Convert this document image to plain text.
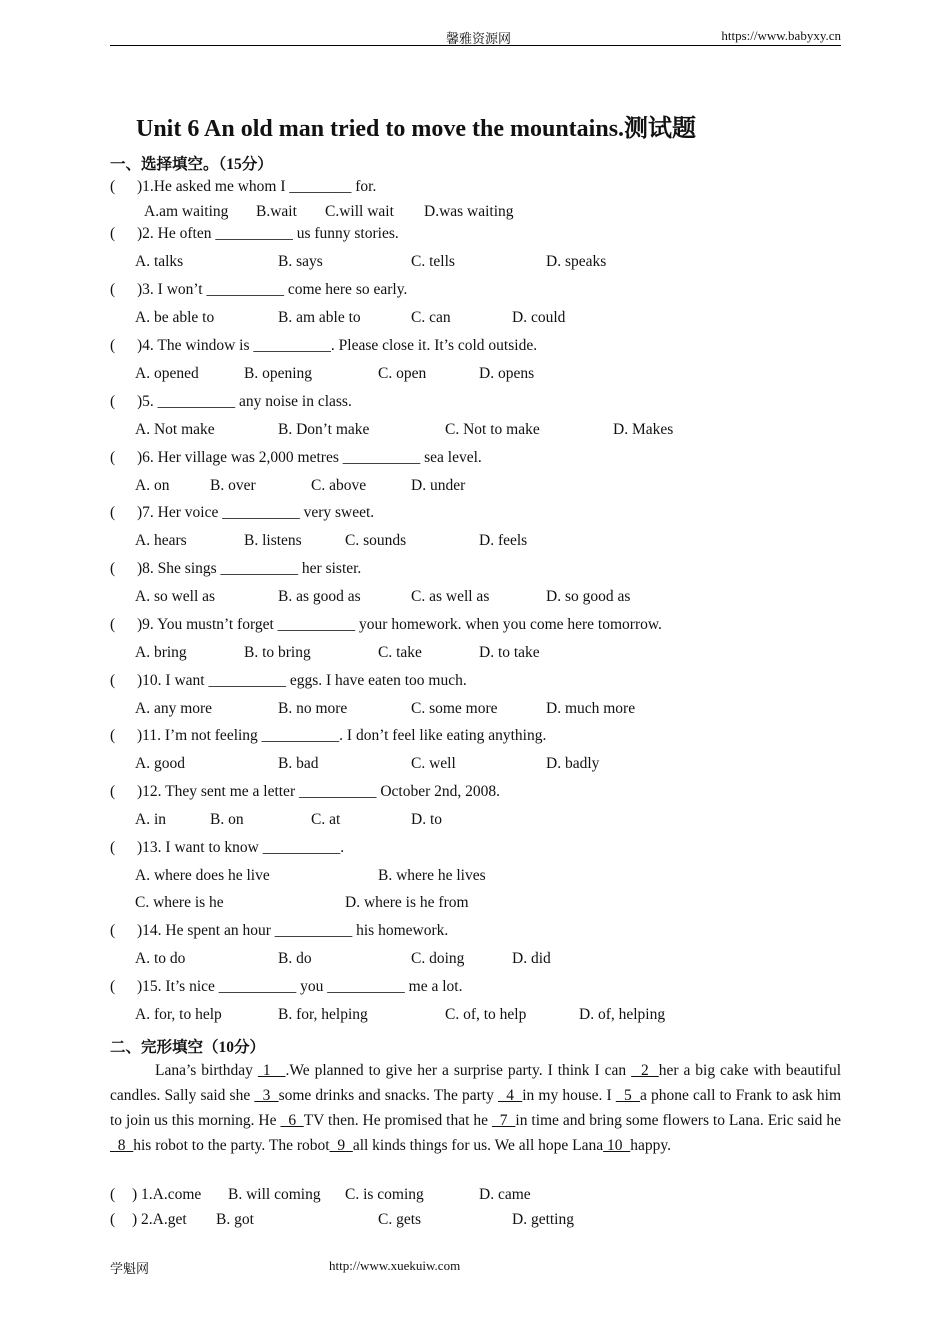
馨雅资源网	https://www.babyxy.cn
Unit 6 An old man tried to move the mountains.测试题
一、选择填空。（15分）
( )1.He asked me whom I ________ for.
A.am waiting B.wait C.will wait D.was waiting
( )2. He often __________ us funny stories.
A. talks	B. says	C. tells	D. speaks
( )3. I won’t __________ come here so early.
A. be able to	B. am able to	C. can	D. could
( )4. The window is __________. Please close it. It’s cold outside.
A. opened	B. opening	C. open	D. opens
( )5. __________ any noise in class.
A. Not make	B. Don’t make	C. Not to make	D. Makes
( )6. Her village was 2,000 metres __________ sea level.
A. on	B. over	C. above	D. under
( )7. Her voice __________ very sweet.
A. hears	B. listens	C. sounds	D. feels
( )8. She sings __________ her sister.
A. so well as	B. as good as	C. as well as	D. so good as
( )9. You mustn’t forget __________ your homework. when you come here tomorrow.
A. bring	B. to bring	C. take	D. to take
( )10. I want __________ eggs. I have eaten too much.
A. any more	B. no more	C. some more	D. much more
( )11. I’m not feeling __________. I don’t feel like eating anything.
A. good	B. bad	C. well	D. badly
( )12. They sent me a letter __________ October 2nd, 2008.
A. in	B. on	C. at	D. to
( )13. I want to know __________.
A. where does he live	B. where he lives
C. where is he	D. where is he from
( )14. He spent an hour __________ his homework.
A. to do	B. do	C. doing	D. did
( )15. It’s nice __________ you __________ me a lot.
A. for, to help	B. for, helping	C. of, to help	D. of, helping
二、完形填空（10分）

Lana’s birthday  1   .We planned to give her a surprise party. I think I can   2  her a big cake with beautiful candles. Sally said she   3  some drinks and snacks. The party   4  in my house. I   5  a phone call to Frank to ask him to join us this morning. He   6  TV then. He promised that he   7  in time and bring some flowers to Lana. Eric said he   8  his robot to the party. The robot  9  all kinds things for us. We all hope Lana 10  happy.

( ) 1.A.come B. will coming C. is coming	D. came
( ) 2.A.get B. got	C. gets	D. getting
学魁网	http://www.xuekuiw.com
